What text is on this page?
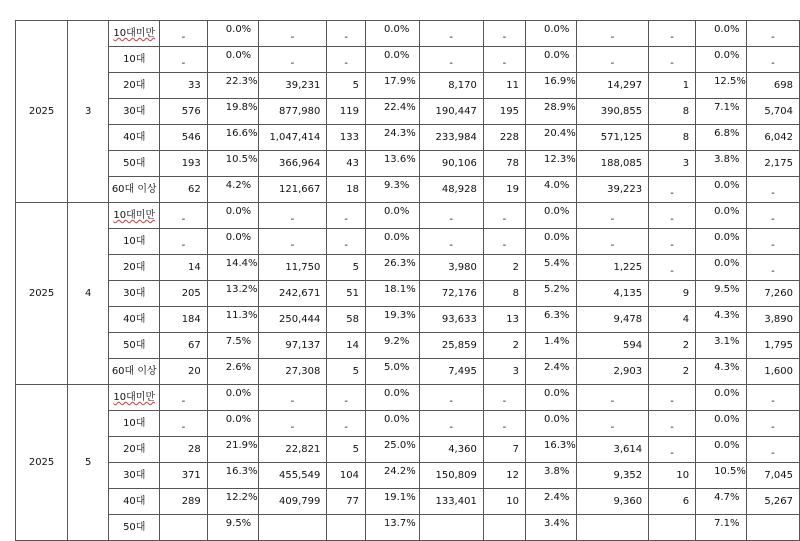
2025	3	10대미만	-	0.0%	-	-	0.0%	-	-	0.0%	-	-	0.0%	-
		10대	-	0.0%	-	-	0.0%	-	-	0.0%	-	-	0.0%	-
		20대	33	22.3%	39,231	5	17.9%	8,170	11	16.9%	14,297	1	12.5%	698
		30대	576	19.8%	877,980	119	22.4%	190,447	195	28.9%	390,855	8	7.1%	5,704
		40대	546	16.6%	1,047,414	133	24.3%	233,984	228	20.4%	571,125	8	6.8%	6,042
		50대	193	10.5%	366,964	43	13.6%	90,106	78	12.3%	188,085	3	3.8%	2,175
		60대 이상	62	4.2%	121,667	18	9.3%	48,928	19	4.0%	39,223	-	0.0%	-
2025	4	10대미만	-	0.0%	-	-	0.0%	-	-	0.0%	-	-	0.0%	-
		10대	-	0.0%	-	-	0.0%	-	-	0.0%	-	-	0.0%	-
		20대	14	14.4%	11,750	5	26.3%	3,980	2	5.4%	1,225	-	0.0%	-
		30대	205	13.2%	242,671	51	18.1%	72,176	8	5.2%	4,135	9	9.5%	7,260
		40대	184	11.3%	250,444	58	19.3%	93,633	13	6.3%	9,478	4	4.3%	3,890
		50대	67	7.5%	97,137	14	9.2%	25,859	2	1.4%	594	2	3.1%	1,795
		60대 이상	20	2.6%	27,308	5	5.0%	7,495	3	2.4%	2,903	2	4.3%	1,600
2025	5	10대미만	-	0.0%	-	-	0.0%	-	-	0.0%	-	-	0.0%	-
		10대	-	0.0%	-	-	0.0%	-	-	0.0%	-	-	0.0%	-
		20대	28	21.9%	22,821	5	25.0%	4,360	7	16.3%	3,614	-	0.0%	-
		30대	371	16.3%	455,549	104	24.2%	150,809	12	3.8%	9,352	10	10.5%	7,045
		40대	289	12.2%	409,799	77	19.1%	133,401	10	2.4%	9,360	6	4.7%	5,267
		50대		9.5%			13.7%			3.4%			7.1%	
